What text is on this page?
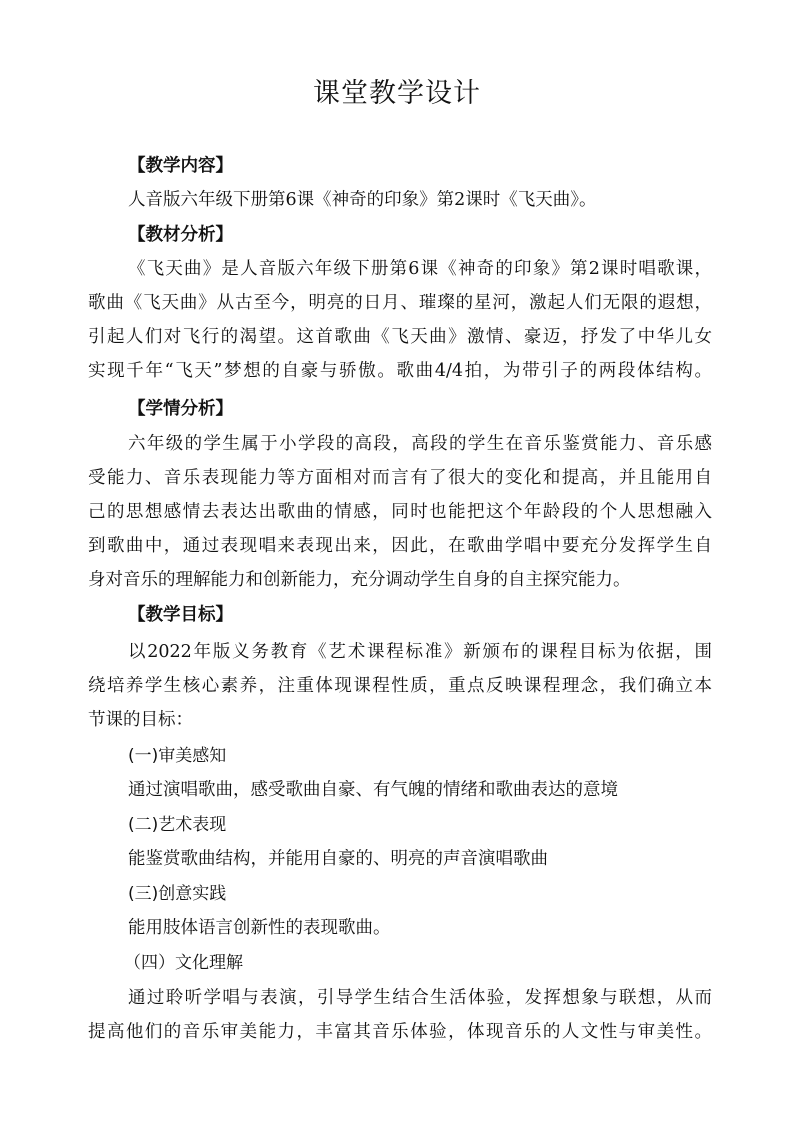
课堂教学设计
【教学内容】
人音版六年级下册第6课《神奇的印象》第2课时《飞天曲》。
【教材分析】
《飞天曲》是人音版六年级下册第6课《神奇的印象》第2课时唱歌课，
歌曲《飞天曲》从古至今，明亮的日月、璀璨的星河，激起人们无限的遐想，
引起人们对飞行的渴望。这首歌曲《飞天曲》激情、豪迈，抒发了中华儿女
实现千年“飞天”梦想的自豪与骄傲。歌曲4/4拍，为带引子的两段体结构。
【学情分析】
六年级的学生属于小学段的高段，高段的学生在音乐鉴赏能力、音乐感
受能力、音乐表现能力等方面相对而言有了很大的变化和提高，并且能用自
己的思想感情去表达出歌曲的情感，同时也能把这个年龄段的个人思想融入
到歌曲中，通过表现唱来表现出来，因此，在歌曲学唱中要充分发挥学生自
身对音乐的理解能力和创新能力，充分调动学生自身的自主探究能力。
【教学目标】
以2022年版义务教育《艺术课程标准》新颁布的课程目标为依据，围
绕培养学生核心素养，注重体现课程性质，重点反映课程理念，我们确立本
节课的目标：
(一)审美感知
通过演唱歌曲，感受歌曲自豪、有气魄的情绪和歌曲表达的意境
(二)艺术表现
能鉴赏歌曲结构，并能用自豪的、明亮的声音演唱歌曲
(三)创意实践
能用肢体语言创新性的表现歌曲。
（四）文化理解
通过聆听学唱与表演，引导学生结合生活体验，发挥想象与联想，从而
提高他们的音乐审美能力，丰富其音乐体验，体现音乐的人文性与审美性。
